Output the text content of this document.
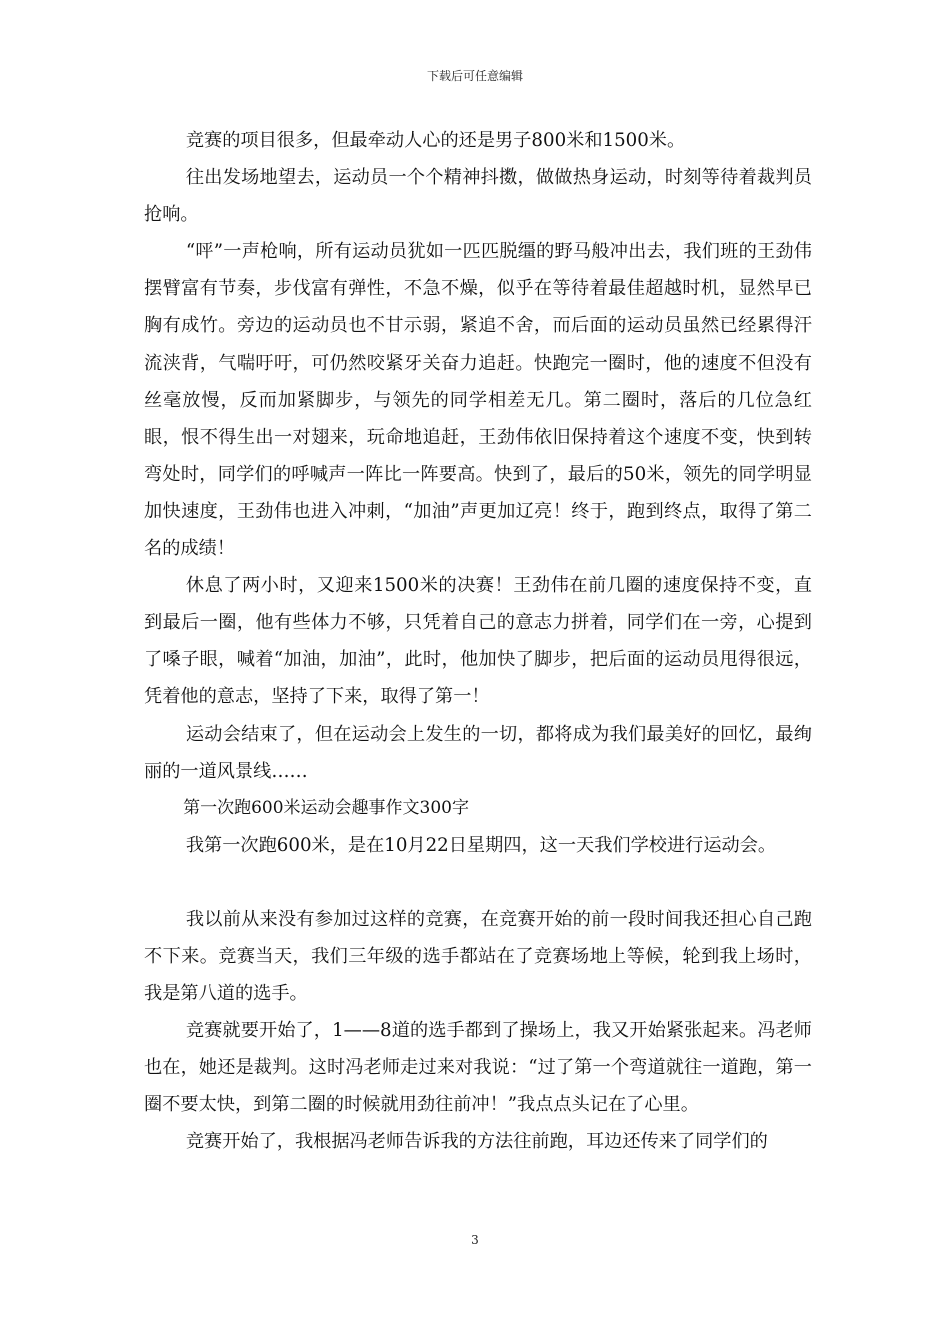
下载后可任意编辑

竞赛的项目很多，但最牵动人心的还是男子800米和1500米。

往出发场地望去，运动员一个个精神抖擞，做做热身运动，时刻等待着裁判员抢响。

“呯”一声枪响，所有运动员犹如一匹匹脱缰的野马般冲出去，我们班的王劲伟摆臂富有节奏，步伐富有弹性，不急不燥，似乎在等待着最佳超越时机，显然早已胸有成竹。旁边的运动员也不甘示弱，紧追不舍，而后面的运动员虽然已经累得汗流浃背，气喘吁吁，可仍然咬紧牙关奋力追赶。快跑完一圈时，他的速度不但没有丝毫放慢，反而加紧脚步，与领先的同学相差无几。第二圈时，落后的几位急红眼，恨不得生出一对翅来，玩命地追赶，王劲伟依旧保持着这个速度不变，快到转弯处时，同学们的呼喊声一阵比一阵要高。快到了，最后的50米，领先的同学明显加快速度，王劲伟也进入冲刺，“加油”声更加辽亮！终于，跑到终点，取得了第二名的成绩！

休息了两小时，又迎来1500米的决赛！王劲伟在前几圈的速度保持不变，直到最后一圈，他有些体力不够，只凭着自己的意志力拼着，同学们在一旁，心提到了嗓子眼，喊着“加油，加油”，此时，他加快了脚步，把后面的运动员甩得很远，凭着他的意志，坚持了下来，取得了第一！

运动会结束了，但在运动会上发生的一切，都将成为我们最美好的回忆，最绚丽的一道风景线……

第一次跑600米运动会趣事作文300字

我第一次跑600米，是在10月22日星期四，这一天我们学校进行运动会。

我以前从来没有参加过这样的竞赛，在竞赛开始的前一段时间我还担心自己跑不下来。竞赛当天，我们三年级的选手都站在了竞赛场地上等候，轮到我上场时，我是第八道的选手。

竞赛就要开始了，1——8道的选手都到了操场上，我又开始紧张起来。冯老师也在，她还是裁判。这时冯老师走过来对我说：“过了第一个弯道就往一道跑，第一圈不要太快，到第二圈的时候就用劲往前冲！”我点点头记在了心里。

竞赛开始了，我根据冯老师告诉我的方法往前跑，耳边还传来了同学们的

3
